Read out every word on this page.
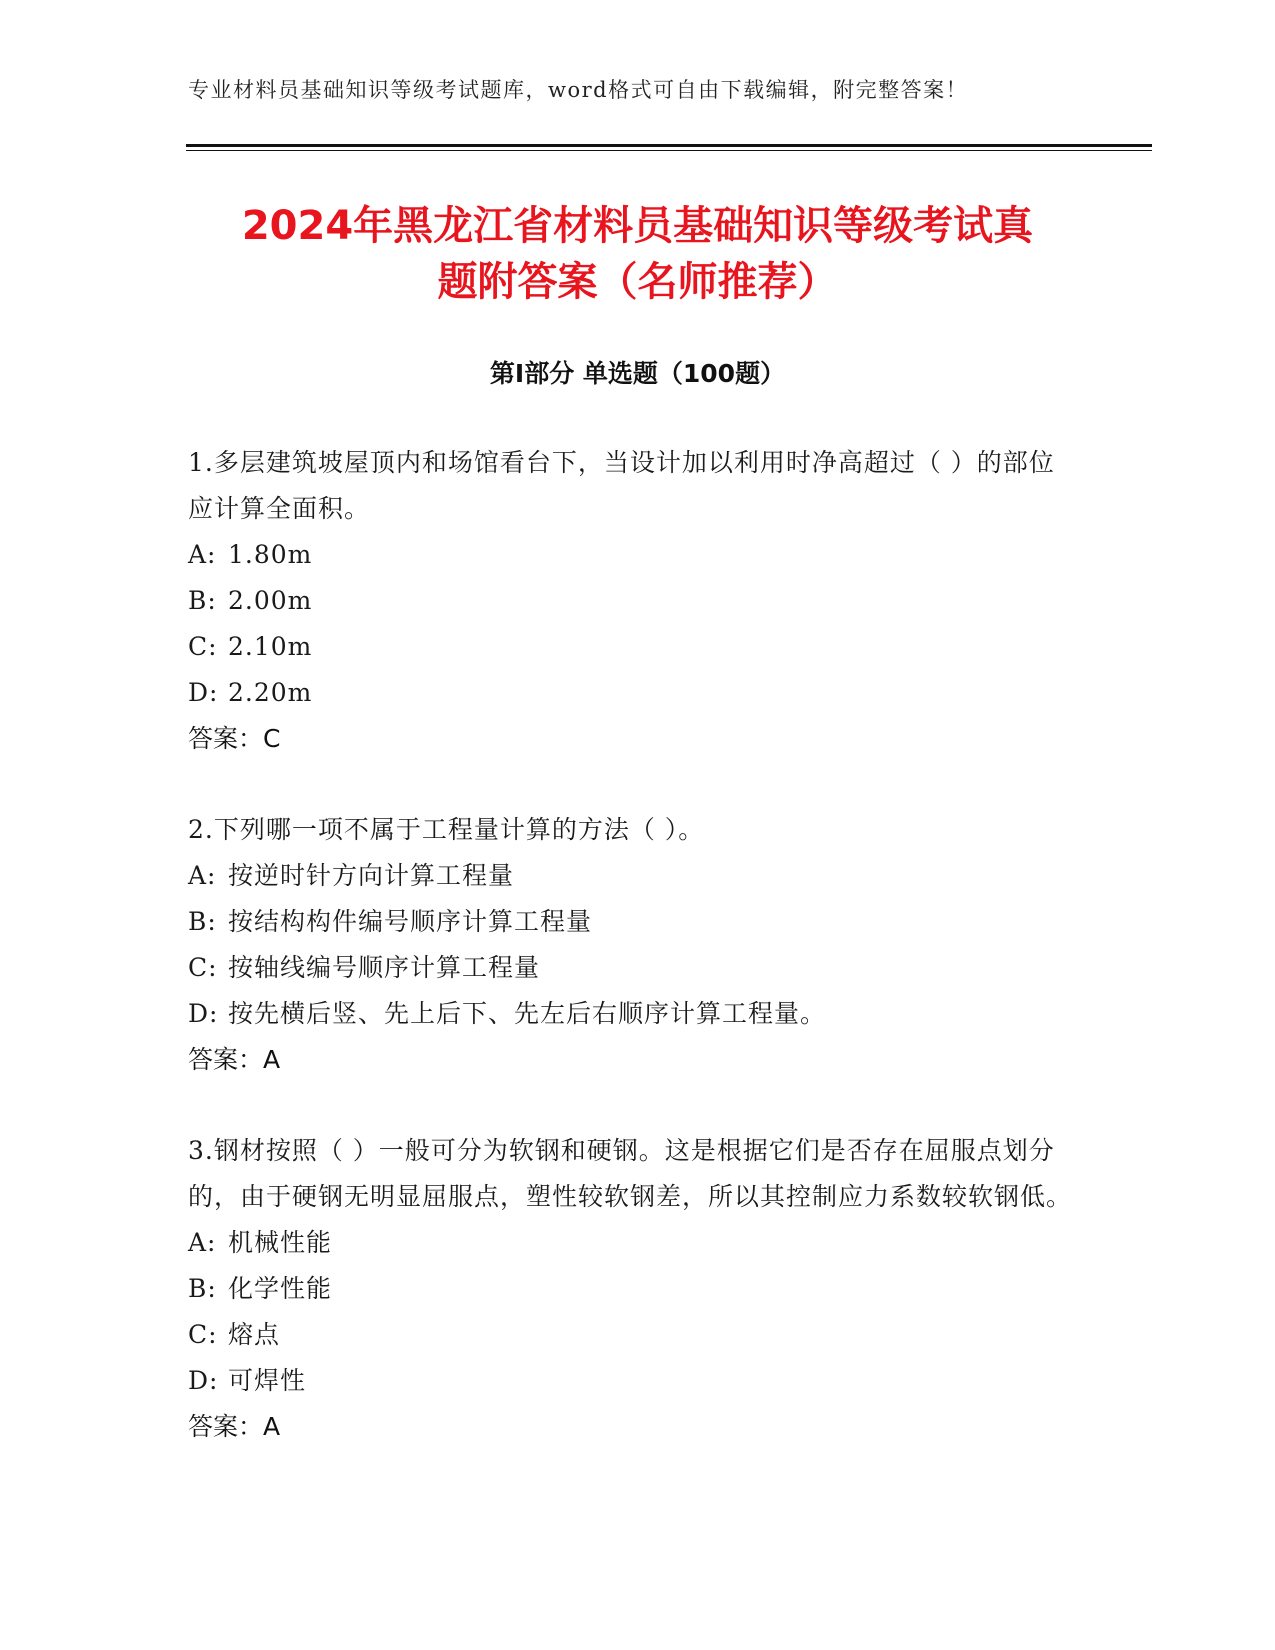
专业材料员基础知识等级考试题库，word格式可自由下载编辑，附完整答案！
2024年黑龙江省材料员基础知识等级考试真
题附答案（名师推荐）
第Ⅰ部分 单选题（100题）

1.多层建筑坡屋顶内和场馆看台下，当设计加以利用时净高超过（ ）的部位应计算全面积。

A: 1.80m

B: 2.00m

C: 2.10m

D: 2.20m

答案：C

2.下列哪一项不属于工程量计算的方法（ ）。

A: 按逆时针方向计算工程量

B: 按结构构件编号顺序计算工程量

C: 按轴线编号顺序计算工程量

D: 按先横后竖、先上后下、先左后右顺序计算工程量。

答案：A

3.钢材按照（ ）一般可分为软钢和硬钢。这是根据它们是否存在屈服点划分的，由于硬钢无明显屈服点，塑性较软钢差，所以其控制应力系数较软钢低。

A: 机械性能

B: 化学性能

C: 熔点

D: 可焊性

答案：A
